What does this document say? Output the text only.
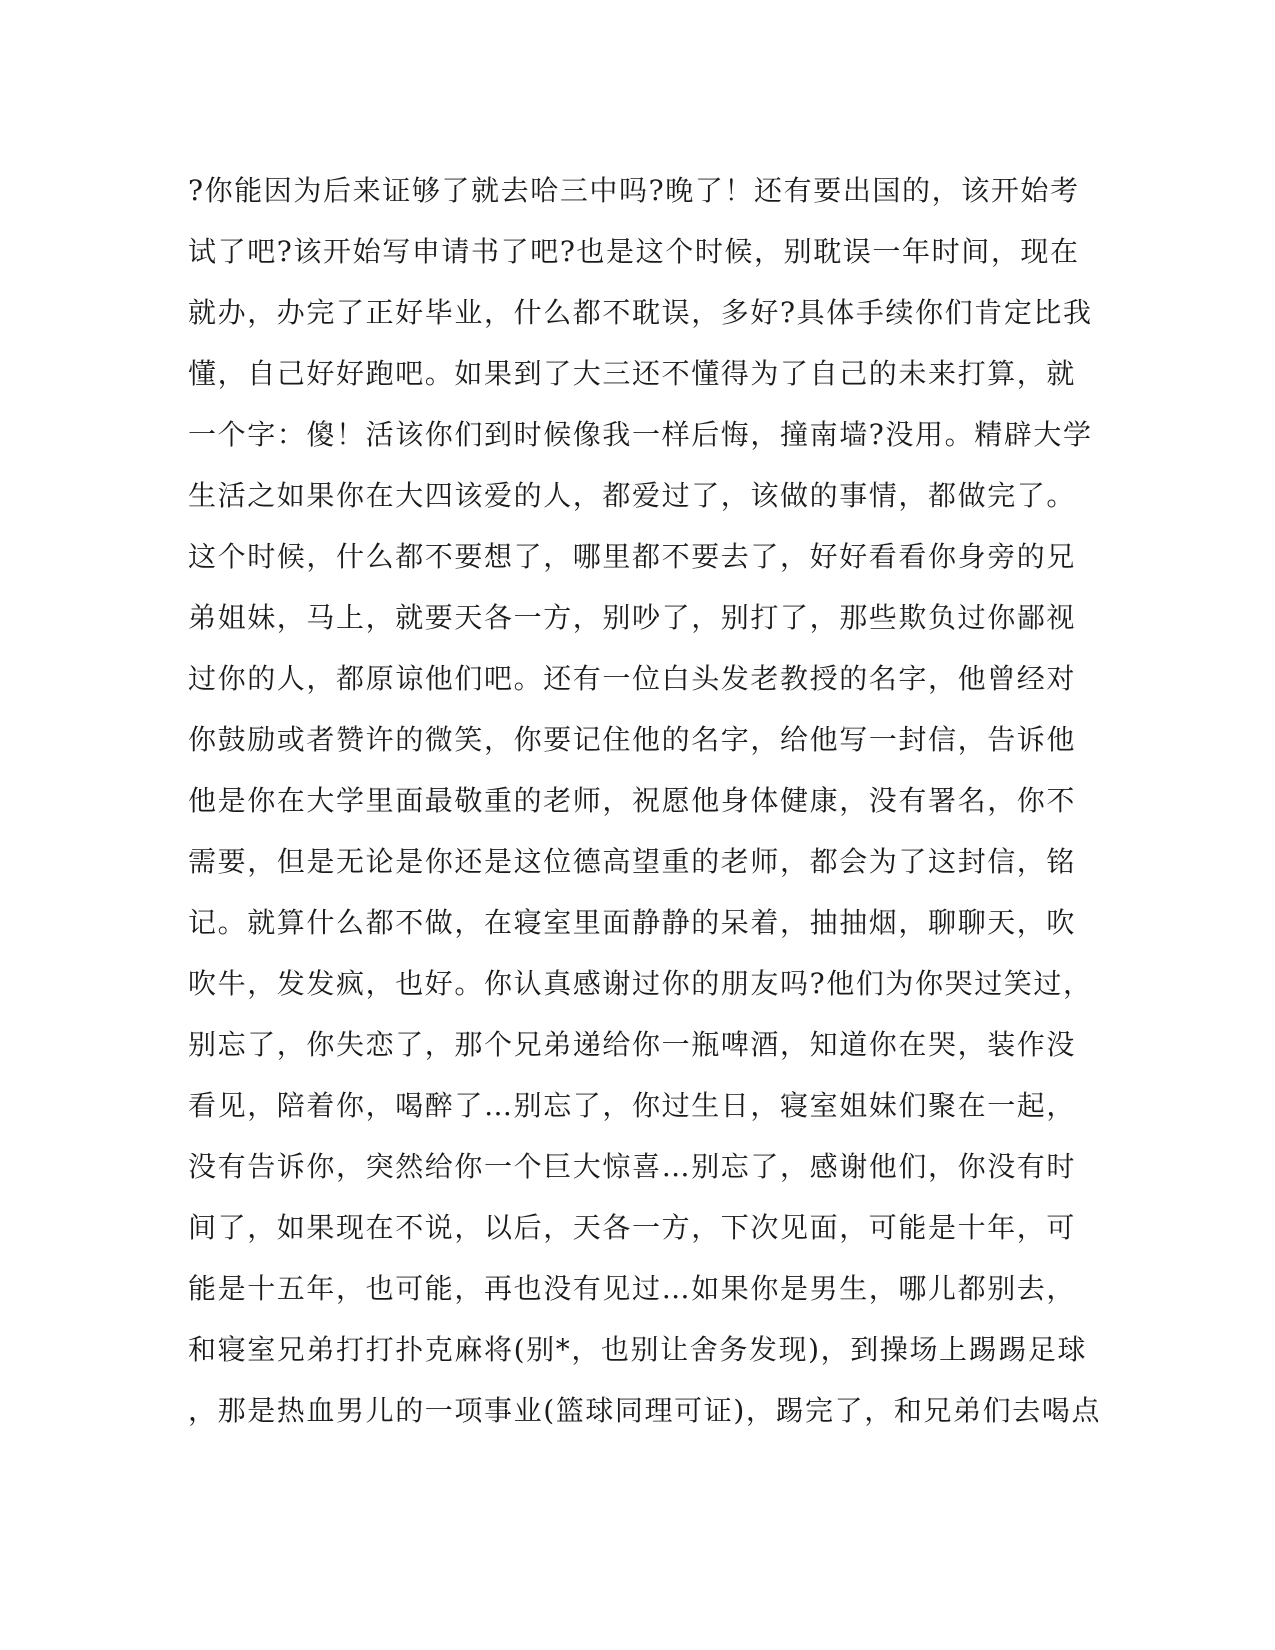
?你能因为后来证够了就去哈三中吗?晚了！还有要出国的，该开始考
试了吧?该开始写申请书了吧?也是这个时候，别耽误一年时间，现在
就办，办完了正好毕业，什么都不耽误，多好?具体手续你们肯定比我
懂，自己好好跑吧。如果到了大三还不懂得为了自己的未来打算，就
一个字：傻！活该你们到时候像我一样后悔，撞南墙?没用。精辟大学
生活之如果你在大四该爱的人，都爱过了，该做的事情，都做完了。
这个时候，什么都不要想了，哪里都不要去了，好好看看你身旁的兄
弟姐妹，马上，就要天各一方，别吵了，别打了，那些欺负过你鄙视
过你的人，都原谅他们吧。还有一位白头发老教授的名字，他曾经对
你鼓励或者赞许的微笑，你要记住他的名字，给他写一封信，告诉他
他是你在大学里面最敬重的老师，祝愿他身体健康，没有署名，你不
需要，但是无论是你还是这位德高望重的老师，都会为了这封信，铭
记。就算什么都不做，在寝室里面静静的呆着，抽抽烟，聊聊天，吹
吹牛，发发疯，也好。你认真感谢过你的朋友吗?他们为你哭过笑过，
别忘了，你失恋了，那个兄弟递给你一瓶啤酒，知道你在哭，装作没
看见，陪着你，喝醉了…别忘了，你过生日，寝室姐妹们聚在一起，
没有告诉你，突然给你一个巨大惊喜…别忘了，感谢他们，你没有时
间了，如果现在不说，以后，天各一方，下次见面，可能是十年，可
能是十五年，也可能，再也没有见过…如果你是男生，哪儿都别去，
和寝室兄弟打打扑克麻将(别*，也别让舍务发现)，到操场上踢踢足球
，那是热血男儿的一项事业(篮球同理可证)，踢完了，和兄弟们去喝点
